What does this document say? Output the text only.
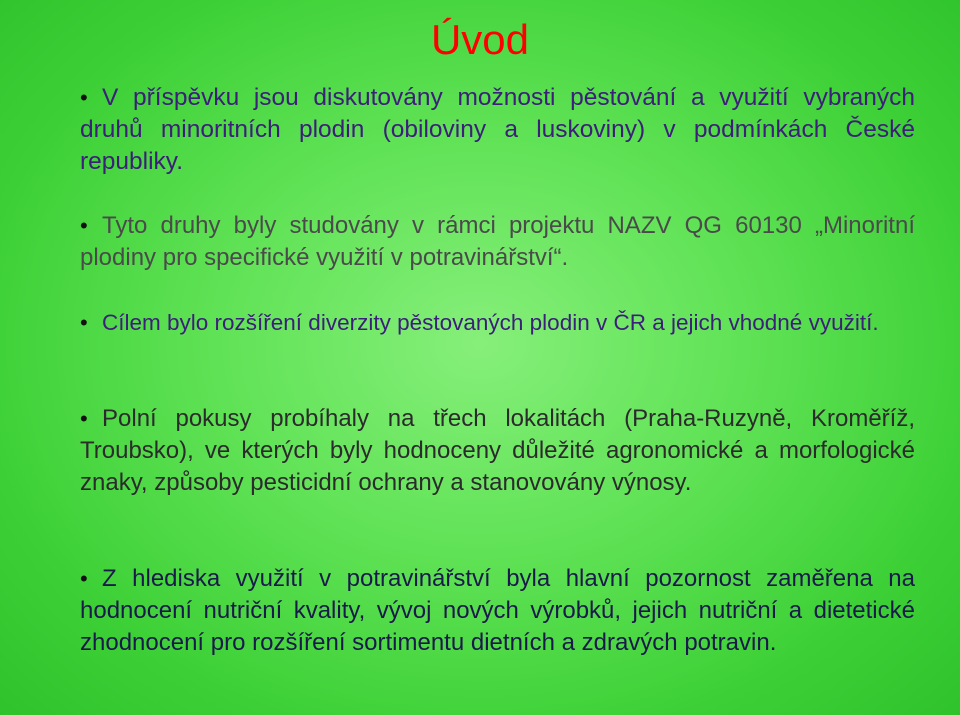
Úvod

• V příspěvku jsou diskutovány možnosti pěstování a využití vybraných druhů minoritních plodin (obiloviny a luskoviny) v podmínkách České republiky.

• Tyto druhy byly studovány v rámci projektu NAZV QG 60130 „Minoritní plodiny pro specifické využití v potravinářství“.

• Cílem bylo rozšíření diverzity pěstovaných plodin v ČR a jejich vhodné využití.

• Polní pokusy probíhaly na třech lokalitách (Praha-Ruzyně, Kroměříž, Troubsko), ve kterých byly hodnoceny důležité agronomické a morfologické znaky, způsoby pesticidní ochrany a stanovovány výnosy.

• Z hlediska využití v potravinářství byla hlavní pozornost zaměřena na hodnocení nutriční kvality, vývoj nových výrobků, jejich nutriční a dietetické zhodnocení pro rozšíření sortimentu dietních a zdravých potravin.
